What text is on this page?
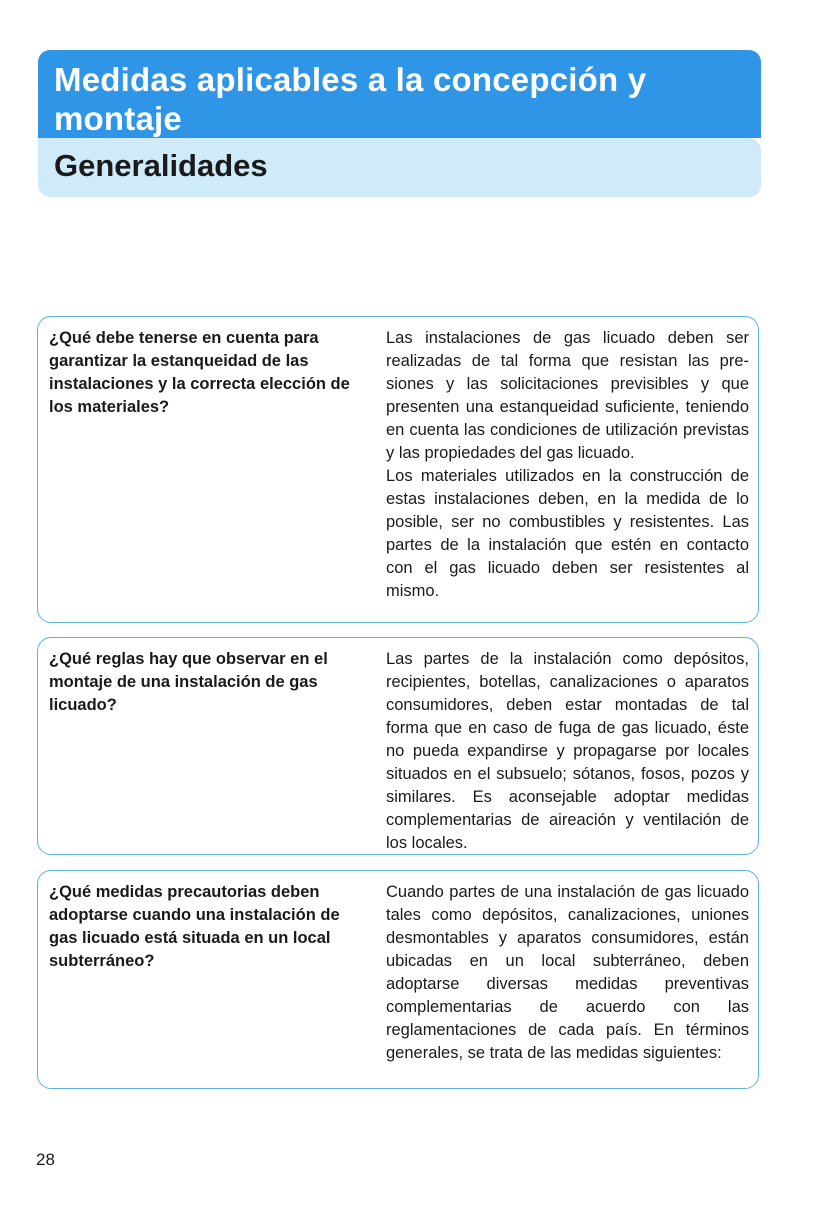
Medidas aplicables a la concepción y montaje
Generalidades
¿Qué debe tenerse en cuenta para garantizar la estanqueidad de las instalaciones y la correcta elección de los materiales?

Las instalaciones de gas licuado deben ser realizadas de tal forma que resistan las presiones y las solicitaciones previsibles y que presenten una estanqueidad suficiente, teniendo en cuenta las condiciones de utilización previstas y las propiedades del gas licuado.

Los materiales utilizados en la construcción de estas instalaciones deben, en la medida de lo posible, ser no combustibles y resistentes. Las partes de la instalación que estén en contacto con el gas licuado deben ser resistentes al mismo.

¿Qué reglas hay que observar en el montaje de una instalación de gas licuado?

Las partes de la instalación como depósitos, recipientes, botellas, canalizaciones o aparatos consumidores, deben estar montadas de tal forma que en caso de fuga de gas licuado, éste no pueda expandirse y propagarse por locales situados en el subsuelo; sótanos, fosos, pozos y similares. Es aconsejable adoptar medidas complementarias de aireación y ventilación de los locales.

¿Qué medidas precautorias deben adoptarse cuando una instalación de gas licuado está situada en un local subterráneo?

Cuando partes de una instalación de gas licuado tales como depósitos, canalizaciones, uniones desmontables y aparatos consumidores, están ubicadas en un local subterráneo, deben adoptarse diversas medidas preventivas complementarias de acuerdo con las reglamentaciones de cada país. En términos generales, se trata de las medidas siguientes:

28
